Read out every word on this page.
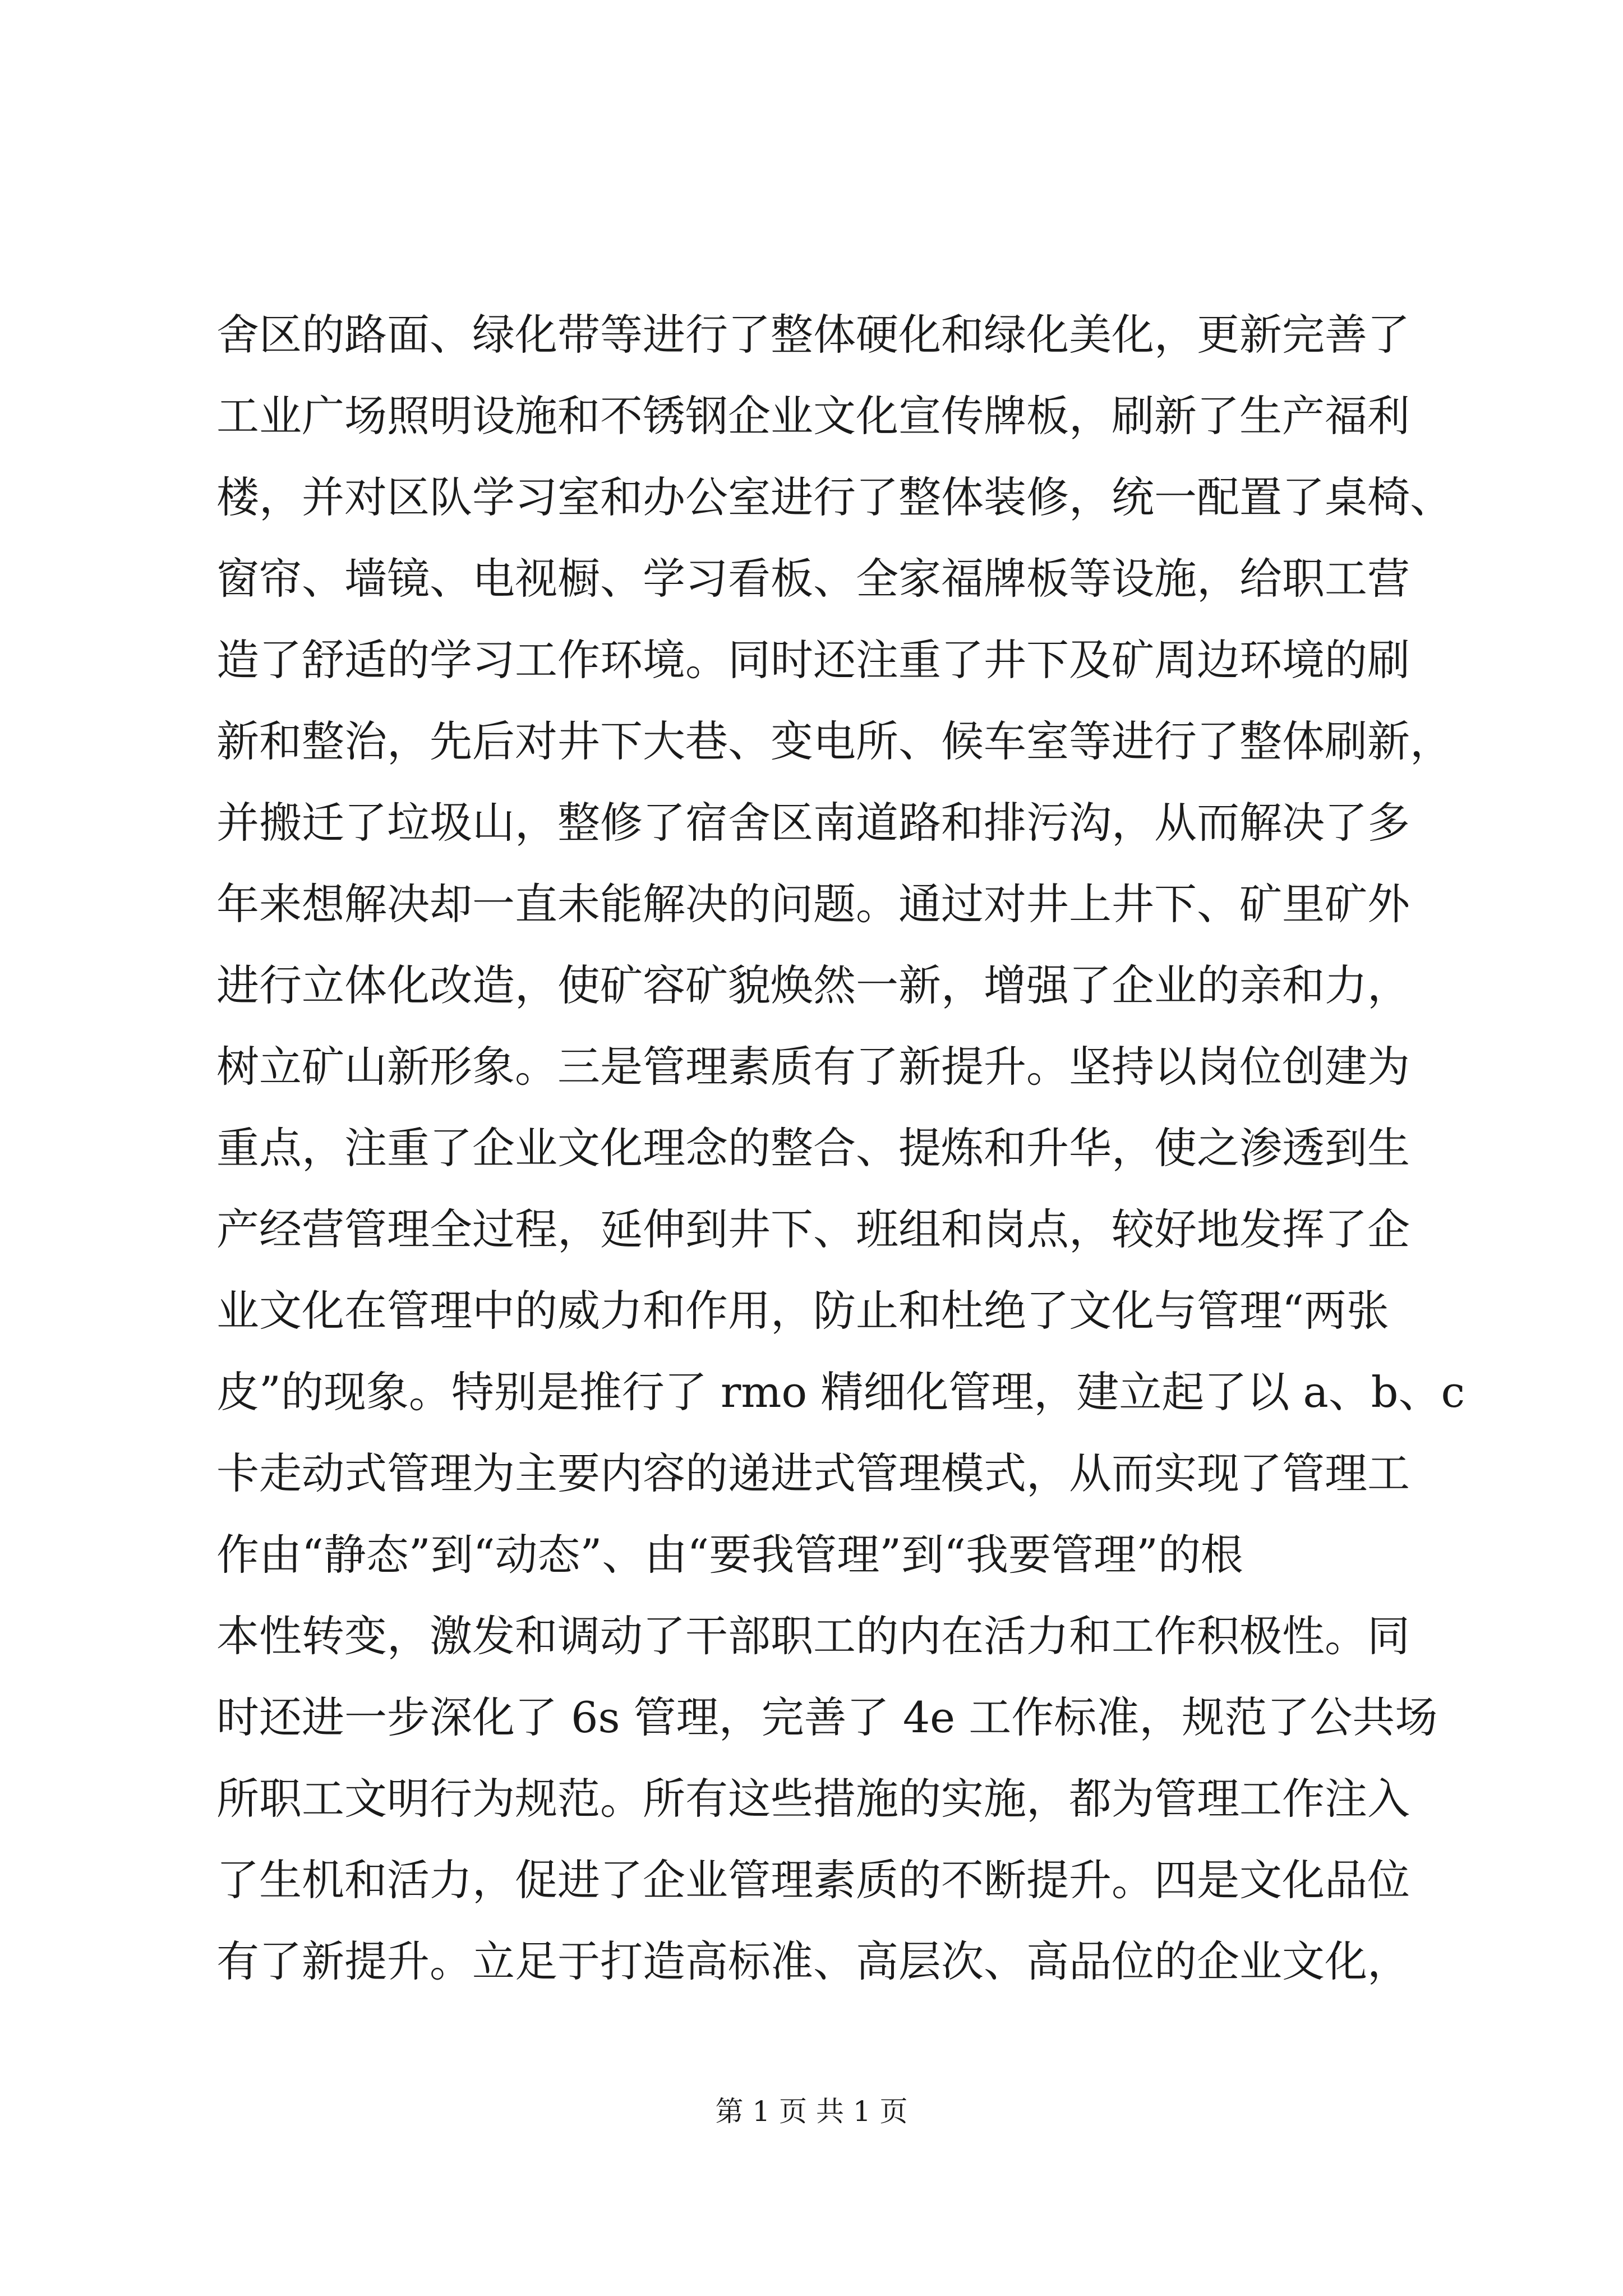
舍区的路面、绿化带等进行了整体硬化和绿化美化，更新完善了
工业广场照明设施和不锈钢企业文化宣传牌板，刷新了生产福利
楼，并对区队学习室和办公室进行了整体装修，统一配置了桌椅、
窗帘、墙镜、电视橱、学习看板、全家福牌板等设施，给职工营
造了舒适的学习工作环境。同时还注重了井下及矿周边环境的刷
新和整治，先后对井下大巷、变电所、候车室等进行了整体刷新，
并搬迁了垃圾山，整修了宿舍区南道路和排污沟，从而解决了多
年来想解决却一直未能解决的问题。通过对井上井下、矿里矿外
进行立体化改造，使矿容矿貌焕然一新，增强了企业的亲和力，
树立矿山新形象。三是管理素质有了新提升。坚持以岗位创建为
重点，注重了企业文化理念的整合、提炼和升华，使之渗透到生
产经营管理全过程，延伸到井下、班组和岗点，较好地发挥了企
业文化在管理中的威力和作用，防止和杜绝了文化与管理“两张
皮”的现象。特别是推行了 rmo 精细化管理，建立起了以 a、b、c
卡走动式管理为主要内容的递进式管理模式，从而实现了管理工
作由“静态”到“动态”、由“要我管理”到“我要管理”的根
本性转变，激发和调动了干部职工的内在活力和工作积极性。同
时还进一步深化了 6s 管理，完善了 4e 工作标准，规范了公共场
所职工文明行为规范。所有这些措施的实施，都为管理工作注入
了生机和活力，促进了企业管理素质的不断提升。四是文化品位
有了新提升。立足于打造高标准、高层次、高品位的企业文化，
第 1 页 共 1 页
